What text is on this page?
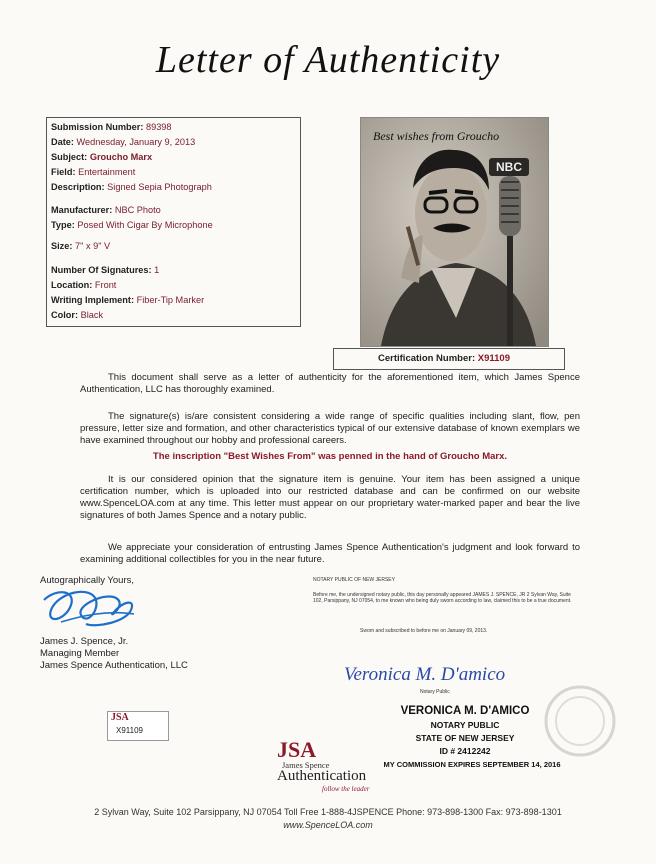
Letter of Authenticity
Submission Number: 89398
Date: Wednesday, January 9, 2013
Subject: Groucho Marx
Field: Entertainment
Description: Signed Sepia Photograph
Manufacturer: NBC Photo
Type: Posed With Cigar By Microphone
Size: 7" x 9" V
Number Of Signatures: 1
Location: Front
Writing Implement: Fiber-Tip Marker
Color: Black
NBC
Best wishes from Groucho
Certification Number: X91109

This document shall serve as a letter of authenticity for the aforementioned item, which James Spence Authentication, LLC has thoroughly examined.

The signature(s) is/are consistent considering a wide range of specific qualities including slant, flow, pen pressure, letter size and formation, and other characteristics typical of our extensive database of known exemplars we have examined throughout our hobby and professional careers.

The inscription "Best Wishes From" was penned in the hand of Groucho Marx.

It is our considered opinion that the signature item is genuine. Your item has been assigned a unique certification number, which is uploaded into our restricted database and can be confirmed on our website www.SpenceLOA.com at any time. This letter must appear on our proprietary water-marked paper and bear the live signatures of both James Spence and a notary public.

We appreciate your consideration of entrusting James Spence Authentication's judgment and look forward to examining additional collectibles for you in the near future.

Autographically Yours,
James J. Spence, Jr.
Managing Member
James Spence Authentication, LLC
NOTARY PUBLIC OF NEW JERSEY
Before me, the undersigned notary public, this day personally appeared JAMES J. SPENCE, JR 2 Sylvan Way, Suite 102, Parsippany, NJ 07054, to me known who being duly sworn according to law, claimed this to be a true document.
Sworn and subscribed to before me on January 09, 2013.
Veronica M. D'amico
Notary Public
VERONICA M. D'AMICO
NOTARY PUBLIC
STATE OF NEW JERSEY
ID # 2412242
MY COMMISSION EXPIRES SEPTEMBER 14, 2016
JSA
X91109
JSA
James Spence
Authentication
follow the leader
2 Sylvan Way, Suite 102 Parsippany, NJ 07054 Toll Free 1-888-4JSPENCE Phone: 973-898-1300 Fax: 973-898-1301
www.SpenceLOA.com
